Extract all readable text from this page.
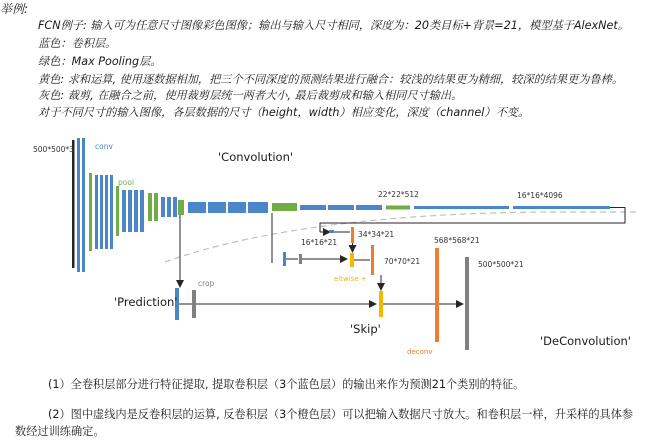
举例:
FCN例子: 输入可为任意尺寸图像彩色图像；输出与输入尺寸相同，深度为：20类目标+背景=21，模型基于AlexNet。
蓝色：卷积层。
绿色：Max Pooling层。
黄色: 求和运算, 使用逐数据相加，把三个不同深度的预测结果进行融合：较浅的结果更为精细，较深的结果更为鲁棒。
灰色: 裁剪, 在融合之前，使用裁剪层统一两者大小, 最后裁剪成和输入相同尺寸输出。
对于不同尺寸的输入图像，各层数据的尺寸（height，width）相应变化，深度（channel）不变。
500*500*3	conv
pool
22*22*512	16*16*4096
16*16*21
34*34*21
eltwise +
70*70*21
crop
568*568*21
deconv
500*500*21
'Convolution'
'Prediction'
'Skip'
'DeConvolution'
(1）全卷积层部分进行特征提取, 提取卷积层（3个蓝色层）的输出来作为预测21个类别的特征。
(2）图中虚线内是反卷积层的运算, 反卷积层（3个橙色层）可以把输入数据尺寸放大。和卷积层一样，升采样的具体参
数经过训练确定。
